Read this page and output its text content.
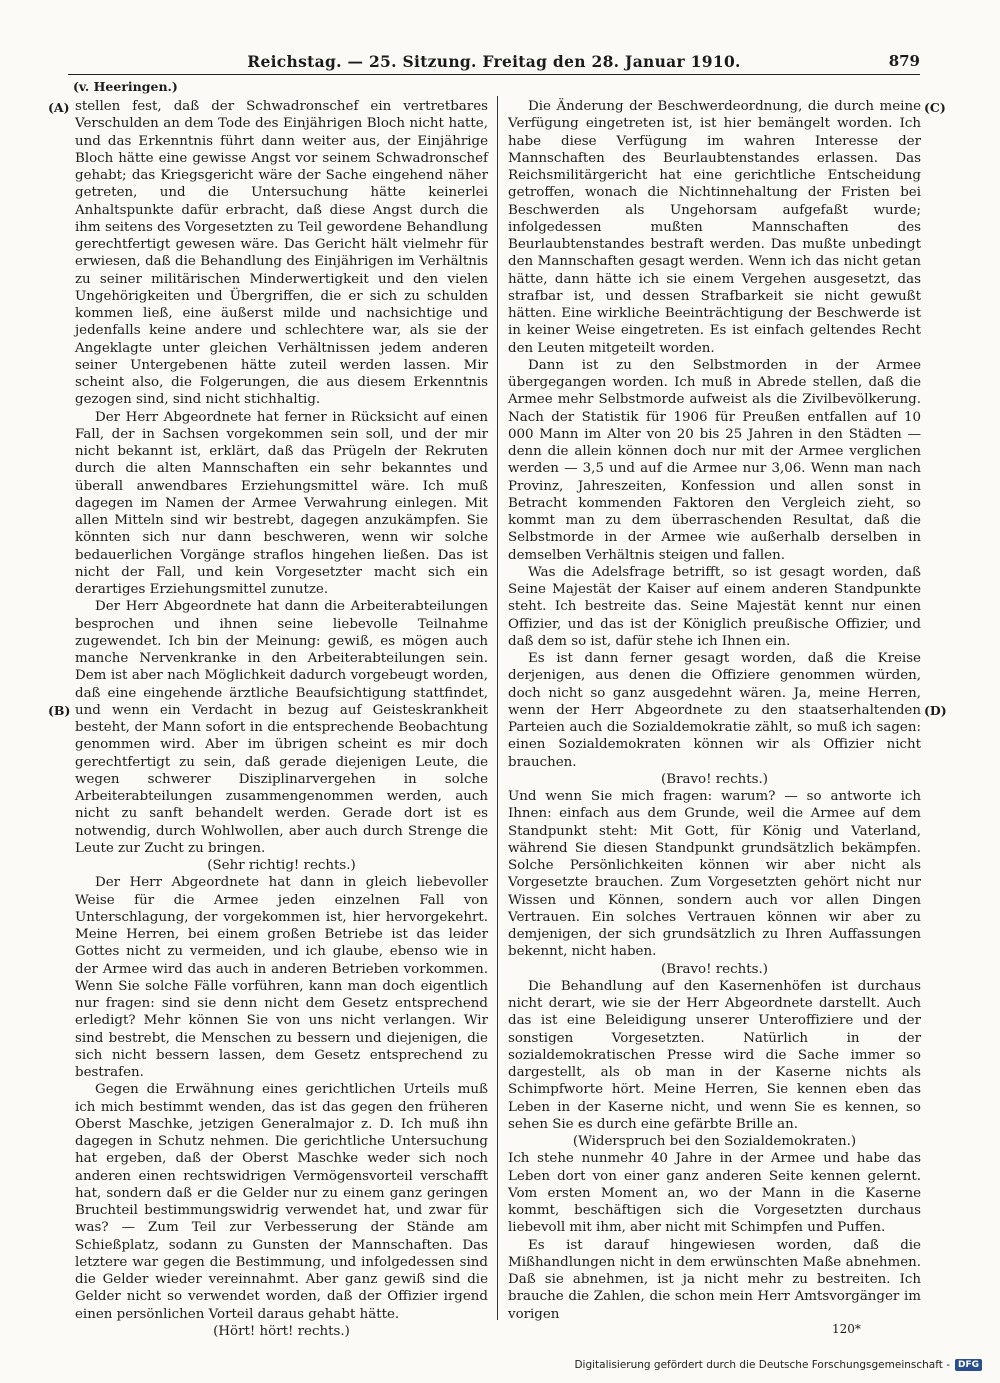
Reichstag. — 25. Sitzung. Freitag den 28. Januar 1910.	879
(v. Heeringen.)
(A)
(B)
(C)
(D)

stellen fest, daß der Schwadronschef ein vertretbares Verschulden an dem Tode des Einjährigen Bloch nicht hatte, und das Erkenntnis führt dann weiter aus, der Einjährige Bloch hätte eine gewisse Angst vor seinem Schwadronschef gehabt; das Kriegsgericht wäre der Sache eingehend näher getreten, und die Untersuchung hätte keinerlei Anhaltspunkte dafür erbracht, daß diese Angst durch die ihm seitens des Vorgesetzten zu Teil gewordene Behandlung gerechtfertigt gewesen wäre. Das Gericht hält vielmehr für erwiesen, daß die Behandlung des Einjährigen im Verhältnis zu seiner militärischen Minderwertigkeit und den vielen Ungehörigkeiten und Übergriffen, die er sich zu schulden kommen ließ, eine äußerst milde und nachsichtige und jedenfalls keine andere und schlechtere war, als sie der Angeklagte unter gleichen Verhältnissen jedem anderen seiner Untergebenen hätte zuteil werden lassen. Mir scheint also, die Folgerungen, die aus diesem Erkenntnis gezogen sind, sind nicht stichhaltig.

Der Herr Abgeordnete hat ferner in Rücksicht auf einen Fall, der in Sachsen vorgekommen sein soll, und der mir nicht bekannt ist, erklärt, daß das Prügeln der Rekruten durch die alten Mannschaften ein sehr bekanntes und überall anwendbares Erziehungsmittel wäre. Ich muß dagegen im Namen der Armee Verwahrung einlegen. Mit allen Mitteln sind wir bestrebt, dagegen anzukämpfen. Sie könnten sich nur dann beschweren, wenn wir solche bedauerlichen Vorgänge straflos hingehen ließen. Das ist nicht der Fall, und kein Vorgesetzter macht sich ein derartiges Erziehungsmittel zunutze.

Der Herr Abgeordnete hat dann die Arbeiterabteilungen besprochen und ihnen seine liebevolle Teilnahme zugewendet. Ich bin der Meinung: gewiß, es mögen auch manche Nervenkranke in den Arbeiterabteilungen sein. Dem ist aber nach Möglichkeit dadurch vorgebeugt worden, daß eine eingehende ärztliche Beaufsichtigung stattfindet, und wenn ein Verdacht in bezug auf Geisteskrankheit besteht, der Mann sofort in die entsprechende Beobachtung genommen wird. Aber im übrigen scheint es mir doch gerechtfertigt zu sein, daß gerade diejenigen Leute, die wegen schwerer Disziplinarvergehen in solche Arbeiterabteilungen zusammengenommen werden, auch nicht zu sanft behandelt werden. Gerade dort ist es notwendig, durch Wohlwollen, aber auch durch Strenge die Leute zur Zucht zu bringen.

(Sehr richtig! rechts.)

Der Herr Abgeordnete hat dann in gleich liebevoller Weise für die Armee jeden einzelnen Fall von Unterschlagung, der vorgekommen ist, hier hervorgekehrt. Meine Herren, bei einem großen Betriebe ist das leider Gottes nicht zu vermeiden, und ich glaube, ebenso wie in der Armee wird das auch in anderen Betrieben vorkommen. Wenn Sie solche Fälle vorführen, kann man doch eigentlich nur fragen: sind sie denn nicht dem Gesetz entsprechend erledigt? Mehr können Sie von uns nicht verlangen. Wir sind bestrebt, die Menschen zu bessern und diejenigen, die sich nicht bessern lassen, dem Gesetz entsprechend zu bestrafen.

Gegen die Erwähnung eines gerichtlichen Urteils muß ich mich bestimmt wenden, das ist das gegen den früheren Oberst Maschke, jetzigen Generalmajor z. D. Ich muß ihn dagegen in Schutz nehmen. Die gerichtliche Untersuchung hat ergeben, daß der Oberst Maschke weder sich noch anderen einen rechtswidrigen Vermögensvorteil verschafft hat, sondern daß er die Gelder nur zu einem ganz geringen Bruchteil bestimmungswidrig verwendet hat, und zwar für was? — Zum Teil zur Verbesserung der Stände am Schießplatz, sodann zu Gunsten der Mannschaften. Das letztere war gegen die Bestimmung, und infolgedessen sind die Gelder wieder vereinnahmt. Aber ganz gewiß sind die Gelder nicht so verwendet worden, daß der Offizier irgend einen persönlichen Vorteil daraus gehabt hätte.

(Hört! hört! rechts.)

Die Änderung der Beschwerdeordnung, die durch meine Verfügung eingetreten ist, ist hier bemängelt worden. Ich habe diese Verfügung im wahren Interesse der Mannschaften des Beurlaubtenstandes erlassen. Das Reichsmilitärgericht hat eine gerichtliche Entscheidung getroffen, wonach die Nichtinnehaltung der Fristen bei Beschwerden als Ungehorsam aufgefaßt wurde; infolgedessen mußten Mannschaften des Beurlaubtenstandes bestraft werden. Das mußte unbedingt den Mannschaften gesagt werden. Wenn ich das nicht getan hätte, dann hätte ich sie einem Vergehen ausgesetzt, das strafbar ist, und dessen Strafbarkeit sie nicht gewußt hätten. Eine wirkliche Beeinträchtigung der Beschwerde ist in keiner Weise eingetreten. Es ist einfach geltendes Recht den Leuten mitgeteilt worden.

Dann ist zu den Selbstmorden in der Armee übergegangen worden. Ich muß in Abrede stellen, daß die Armee mehr Selbstmorde aufweist als die Zivilbevölkerung. Nach der Statistik für 1906 für Preußen entfallen auf 10 000 Mann im Alter von 20 bis 25 Jahren in den Städten — denn die allein können doch nur mit der Armee verglichen werden — 3,5 und auf die Armee nur 3,06. Wenn man nach Provinz, Jahreszeiten, Konfession und allen sonst in Betracht kommenden Faktoren den Vergleich zieht, so kommt man zu dem überraschenden Resultat, daß die Selbstmorde in der Armee wie außerhalb derselben in demselben Verhältnis steigen und fallen.

Was die Adelsfrage betrifft, so ist gesagt worden, daß Seine Majestät der Kaiser auf einem anderen Standpunkte steht. Ich bestreite das. Seine Majestät kennt nur einen Offizier, und das ist der Königlich preußische Offizier, und daß dem so ist, dafür stehe ich Ihnen ein.

Es ist dann ferner gesagt worden, daß die Kreise derjenigen, aus denen die Offiziere genommen würden, doch nicht so ganz ausgedehnt wären. Ja, meine Herren, wenn der Herr Abgeordnete zu den staatserhaltenden Parteien auch die Sozialdemokratie zählt, so muß ich sagen: einen Sozialdemokraten können wir als Offizier nicht brauchen.

(Bravo! rechts.)

Und wenn Sie mich fragen: warum? — so antworte ich Ihnen: einfach aus dem Grunde, weil die Armee auf dem Standpunkt steht: Mit Gott, für König und Vaterland, während Sie diesen Standpunkt grundsätzlich bekämpfen. Solche Persönlichkeiten können wir aber nicht als Vorgesetzte brauchen. Zum Vorgesetzten gehört nicht nur Wissen und Können, sondern auch vor allen Dingen Vertrauen. Ein solches Vertrauen können wir aber zu demjenigen, der sich grundsätzlich zu Ihren Auffassungen bekennt, nicht haben.

(Bravo! rechts.)

Die Behandlung auf den Kasernenhöfen ist durchaus nicht derart, wie sie der Herr Abgeordnete darstellt. Auch das ist eine Beleidigung unserer Unteroffiziere und der sonstigen Vorgesetzten. Natürlich in der sozialdemokratischen Presse wird die Sache immer so dargestellt, als ob man in der Kaserne nichts als Schimpfworte hört. Meine Herren, Sie kennen eben das Leben in der Kaserne nicht, und wenn Sie es kennen, so sehen Sie es durch eine gefärbte Brille an.

(Widerspruch bei den Sozialdemokraten.)

Ich stehe nunmehr 40 Jahre in der Armee und habe das Leben dort von einer ganz anderen Seite kennen gelernt. Vom ersten Moment an, wo der Mann in die Kaserne kommt, beschäftigen sich die Vorgesetzten durchaus liebevoll mit ihm, aber nicht mit Schimpfen und Puffen.

Es ist darauf hingewiesen worden, daß die Mißhandlungen nicht in dem erwünschten Maße abnehmen. Daß sie abnehmen, ist ja nicht mehr zu bestreiten. Ich brauche die Zahlen, die schon mein Herr Amtsvorgänger im vorigen

120*
Digitalisierung gefördert durch die Deutsche Forschungsgemeinschaft - DFG
